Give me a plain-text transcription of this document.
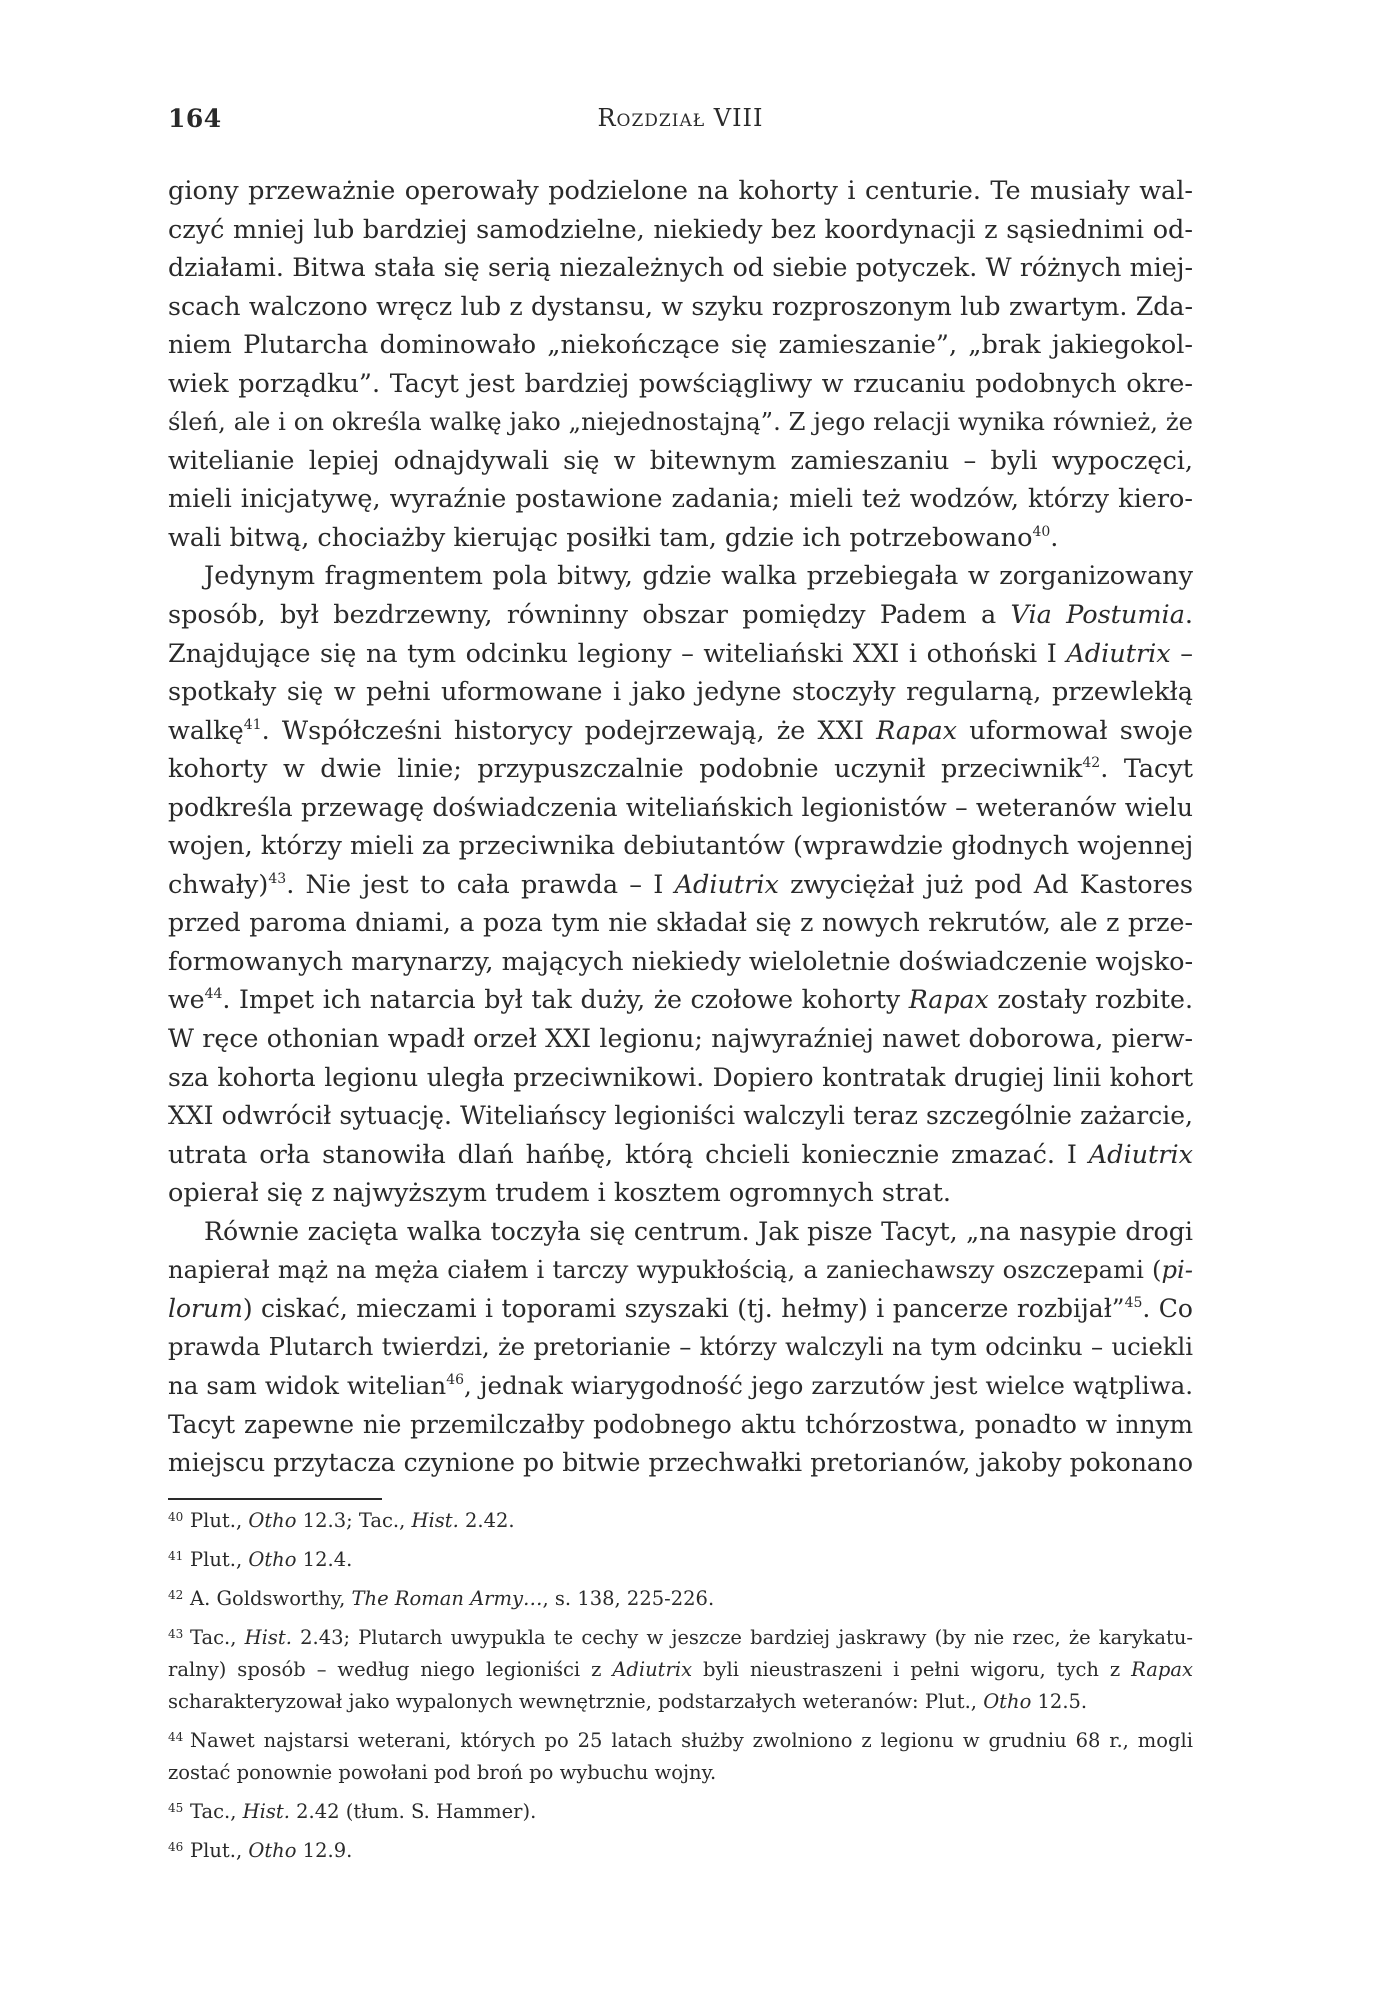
164	Rozdział VIII
giony przeważnie operowały podzielone na kohorty i centurie. Te musiały wal-
czyć mniej lub bardziej samodzielne, niekiedy bez koordynacji z sąsiednimi od-
działami. Bitwa stała się serią niezależnych od siebie potyczek. W różnych miej-
scach walczono wręcz lub z dystansu, w szyku rozproszonym lub zwartym. Zda-
niem Plutarcha dominowało „niekończące się zamieszanie”, „brak jakiegokol-
wiek porządku”. Tacyt jest bardziej powściągliwy w rzucaniu podobnych okre-
śleń, ale i on określa walkę jako „niejednostajną”. Z jego relacji wynika również, że
witelianie lepiej odnajdywali się w bitewnym zamieszaniu – byli wypoczęci,
mieli inicjatywę, wyraźnie postawione zadania; mieli też wodzów, którzy kiero-
wali bitwą, chociażby kierując posiłki tam, gdzie ich potrzebowano$^{40}$.
Jedynym fragmentem pola bitwy, gdzie walka przebiegała w zorganizowany
sposób, był bezdrzewny, równinny obszar pomiędzy Padem a Via Postumia.
Znajdujące się na tym odcinku legiony – witeliański XXI i othoński I Adiutrix –
spotkały się w pełni uformowane i jako jedyne stoczyły regularną, przewlekłą
walkę$^{41}$. Współcześni historycy podejrzewają, że XXI Rapax uformował swoje
kohorty w dwie linie; przypuszczalnie podobnie uczynił przeciwnik$^{42}$. Tacyt
podkreśla przewagę doświadczenia witeliańskich legionistów – weteranów wielu
wojen, którzy mieli za przeciwnika debiutantów (wprawdzie głodnych wojennej
chwały)$^{43}$. Nie jest to cała prawda – I Adiutrix zwyciężał już pod Ad Kastores
przed paroma dniami, a poza tym nie składał się z nowych rekrutów, ale z prze-
formowanych marynarzy, mających niekiedy wieloletnie doświadczenie wojsko-
we$^{44}$. Impet ich natarcia był tak duży, że czołowe kohorty Rapax zostały rozbite.
W ręce othonian wpadł orzeł XXI legionu; najwyraźniej nawet doborowa, pierw-
sza kohorta legionu uległa przeciwnikowi. Dopiero kontratak drugiej linii kohort
XXI odwrócił sytuację. Witeliańscy legioniści walczyli teraz szczególnie zażarcie,
utrata orła stanowiła dlań hańbę, którą chcieli koniecznie zmazać. I Adiutrix
opierał się z najwyższym trudem i kosztem ogromnych strat.
Równie zacięta walka toczyła się centrum. Jak pisze Tacyt, „na nasypie drogi
napierał mąż na męża ciałem i tarczy wypukłością, a zaniechawszy oszczepami (pi-
lorum) ciskać, mieczami i toporami szyszaki (tj. hełmy) i pancerze rozbijał”$^{45}$. Co
prawda Plutarch twierdzi, że pretorianie – którzy walczyli na tym odcinku – uciekli
na sam widok witelian$^{46}$, jednak wiarygodność jego zarzutów jest wielce wątpliwa.
Tacyt zapewne nie przemilczałby podobnego aktu tchórzostwa, ponadto w innym
miejscu przytacza czynione po bitwie przechwałki pretorianów, jakoby pokonano
40 Plut., Otho 12.3; Tac., Hist. 2.42.
41 Plut., Otho 12.4.
42 A. Goldsworthy, The Roman Army…, s. 138, 225-226.
43 Tac., Hist. 2.43; Plutarch uwypukla te cechy w jeszcze bardziej jaskrawy (by nie rzec, że karykatu-
ralny) sposób – według niego legioniści z Adiutrix byli nieustraszeni i pełni wigoru, tych z Rapax
scharakteryzował jako wypalonych wewnętrznie, podstarzałych weteranów: Plut., Otho 12.5.
44 Nawet najstarsi weterani, których po 25 latach służby zwolniono z legionu w grudniu 68 r., mogli
zostać ponownie powołani pod broń po wybuchu wojny.
45 Tac., Hist. 2.42 (tłum. S. Hammer).
46 Plut., Otho 12.9.
